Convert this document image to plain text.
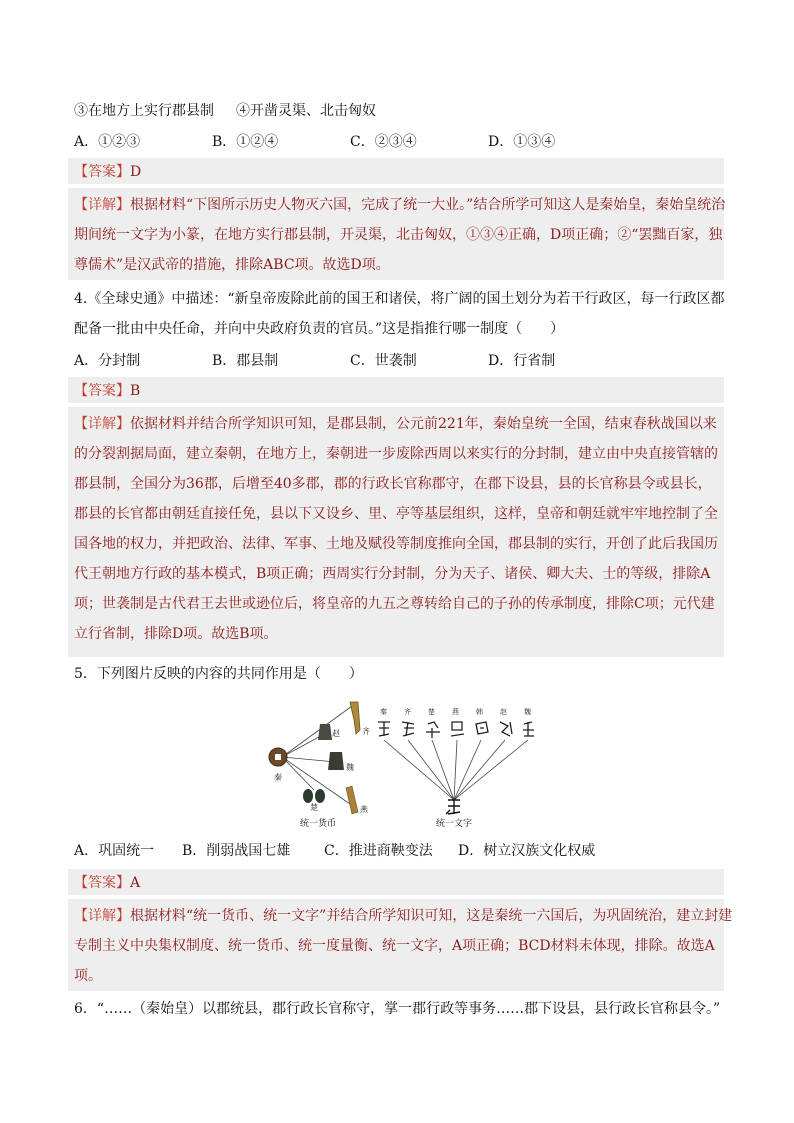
③在地方上实行郡县制 ④开凿灵渠、北击匈奴
A．①②③	B．①②④	C．②③④	D．①③④
【答案】D
【详解】根据材料“下图所示历史人物灭六国，完成了统一大业。”结合所学可知这人是秦始皇，秦始皇统治
期间统一文字为小篆，在地方实行郡县制，开灵渠，北击匈奴，①③④正确，D项正确；②“罢黜百家，独
尊儒术”是汉武帝的措施，排除ABC项。故选D项。
4.《全球史通》中描述：“新皇帝废除此前的国王和诸侯，将广阔的国土划分为若干行政区，每一行政区都
配备一批由中央任命，并向中央政府负责的官员。”这是指推行哪一制度（　　）
A．分封制	B．郡县制	C．世袭制	D．行省制
【答案】B
【详解】依据材料并结合所学知识可知，是郡县制，公元前221年，秦始皇统一全国，结束春秋战国以来
的分裂割据局面，建立秦朝，在地方上，秦朝进一步废除西周以来实行的分封制，建立由中央直接管辖的
郡县制，全国分为36郡，后增至40多郡，郡的行政长官称郡守，在郡下设县，县的长官称县令或县长，
郡县的长官都由朝廷直接任免，县以下又设乡、里、亭等基层组织，这样，皇帝和朝廷就牢牢地控制了全
国各地的权力，并把政治、法律、军事、土地及赋役等制度推向全国，郡县制的实行，开创了此后我国历
代王朝地方行政的基本模式，B项正确；西周实行分封制，分为天子、诸侯、卿大夫、士的等级，排除A
项；世袭制是古代君王去世或逊位后，将皇帝的九五之尊转给自己的子孙的传承制度，排除C项；元代建
立行省制，排除D项。故选B项。
5．下列图片反映的内容的共同作用是（　　）
齐
赵
魏
秦
楚	燕
统一货币
秦 齐 楚 燕 韩 赵 魏
统一文字
A．巩固统一 B．削弱战国七雄 C．推进商鞅变法 D．树立汉族文化权威
【答案】A
【详解】根据材料“统一货币、统一文字”并结合所学知识可知，这是秦统一六国后，为巩固统治，建立封建
专制主义中央集权制度、统一货币、统一度量衡、统一文字，A项正确；BCD材料未体现，排除。故选A
项。
6．“……（秦始皇）以郡统县，郡行政长官称守，掌一郡行政等事务……郡下设县，县行政长官称县令。”
